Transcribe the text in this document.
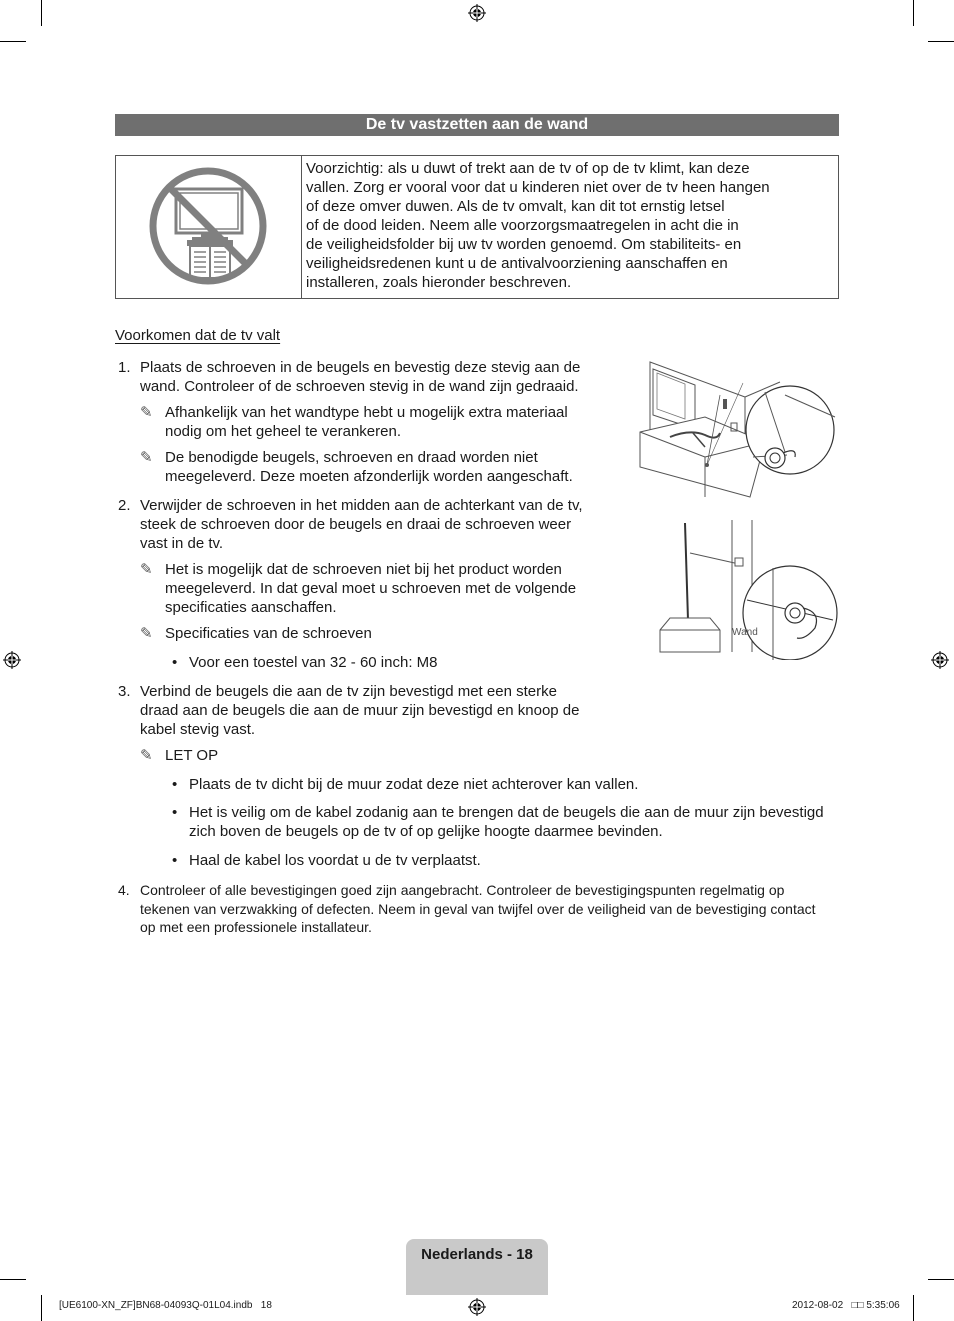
De tv vastzetten aan de wand
Voorzichtig: als u duwt of trekt aan de tv of op de tv klimt, kan deze
vallen. Zorg er vooral voor dat u kinderen niet over de tv heen hangen
of deze omver duwen. Als de tv omvalt, kan dit tot ernstig letsel
of de dood leiden. Neem alle voorzorgsmaatregelen in acht die in
de veiligheidsfolder bij uw tv worden genoemd. Om stabiliteits- en
veiligheidsredenen kunt u de antivalvoorziening aanschaffen en
installeren, zoals hieronder beschreven.
Voorkomen dat de tv valt
1. Plaats de schroeven in de beugels en bevestig deze stevig aan de
wand. Controleer of de schroeven stevig in de wand zijn gedraaid.
✎ Afhankelijk van het wandtype hebt u mogelijk extra materiaal
nodig om het geheel te verankeren.
✎ De benodigde beugels, schroeven en draad worden niet
meegeleverd. Deze moeten afzonderlijk worden aangeschaft.
2. Verwijder de schroeven in het midden aan de achterkant van de tv,
steek de schroeven door de beugels en draai de schroeven weer
vast in de tv.
✎ Het is mogelijk dat de schroeven niet bij het product worden
meegeleverd. In dat geval moet u schroeven met de volgende
specificaties aanschaffen.
✎ Specificaties van de schroeven
• Voor een toestel van 32 - 60 inch: M8
3. Verbind de beugels die aan de tv zijn bevestigd met een sterke
draad aan de beugels die aan de muur zijn bevestigd en knoop de
kabel stevig vast.
✎ LET OP
• Plaats de tv dicht bij de muur zodat deze niet achterover kan vallen.
• Het is veilig om de kabel zodanig aan te brengen dat de beugels die aan de muur zijn bevestigd
zich boven de beugels op de tv of op gelijke hoogte daarmee bevinden.
• Haal de kabel los voordat u de tv verplaatst.
4. Controleer of alle bevestigingen goed zijn aangebracht. Controleer de bevestigingspunten regelmatig op
tekenen van verzwakking of defecten. Neem in geval van twijfel over de veiligheid van de bevestiging contact
op met een professionele installateur.
Wand
Nederlands - 18
[UE6100-XN_ZF]BN68-04093Q-01L04.indb   18	2012-08-02   □□ 5:35:06
